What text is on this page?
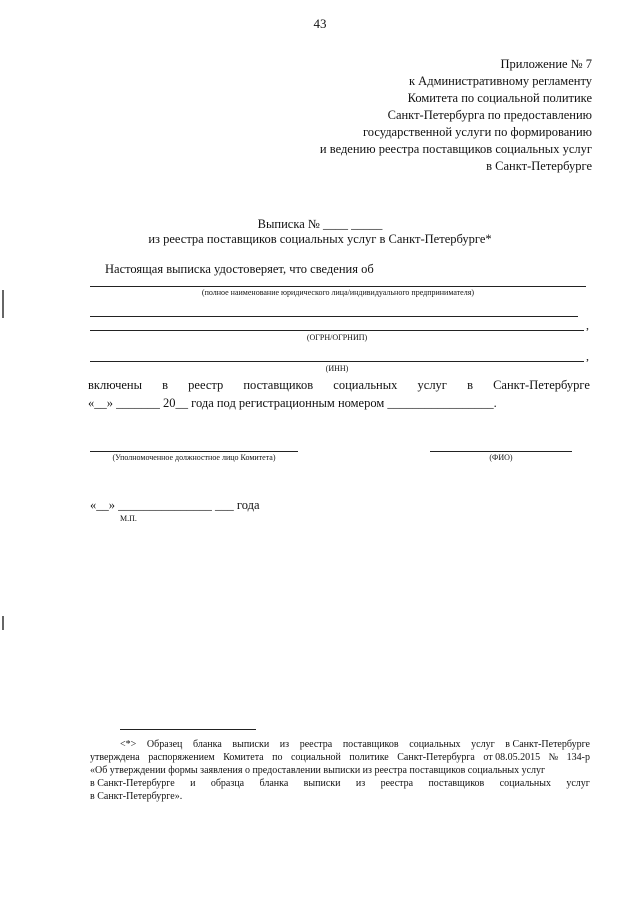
43
Приложение № 7
к Административному регламенту
Комитета по социальной политике
Санкт-Петербурга по предоставлению
государственной услуги по формированию
и ведению реестра поставщиков социальных услуг
в Санкт-Петербурге
Выписка № ____ _____
из реестра поставщиков социальных услуг в Санкт-Петербурге*
Настоящая выписка удостоверяет, что сведения об
(полное наименование юридического лица/индивидуального предпринимателя)
,
(ОГРН/ОГРНИП)
,
(ИНН)
включены в реестр поставщиков социальных услуг в Санкт-Петербурге
«__» _______ 20__ года под регистрационным номером _________________.
(Уполномоченное должностное лицо Комитета)	(ФИО)
«__» _______________ ___ года
М.П.
<*> Образец бланка выписки из реестра поставщиков социальных услуг в Санкт-Петербурге
утверждена распоряжением Комитета по социальной политике Санкт-Петербурга от 08.05.2015 № 134-р
«Об утверждении формы заявления о предоставлении выписки из реестра поставщиков социальных услуг
в Санкт-Петербурге и образца бланка выписки из реестра поставщиков социальных услуг
в Санкт-Петербурге».
